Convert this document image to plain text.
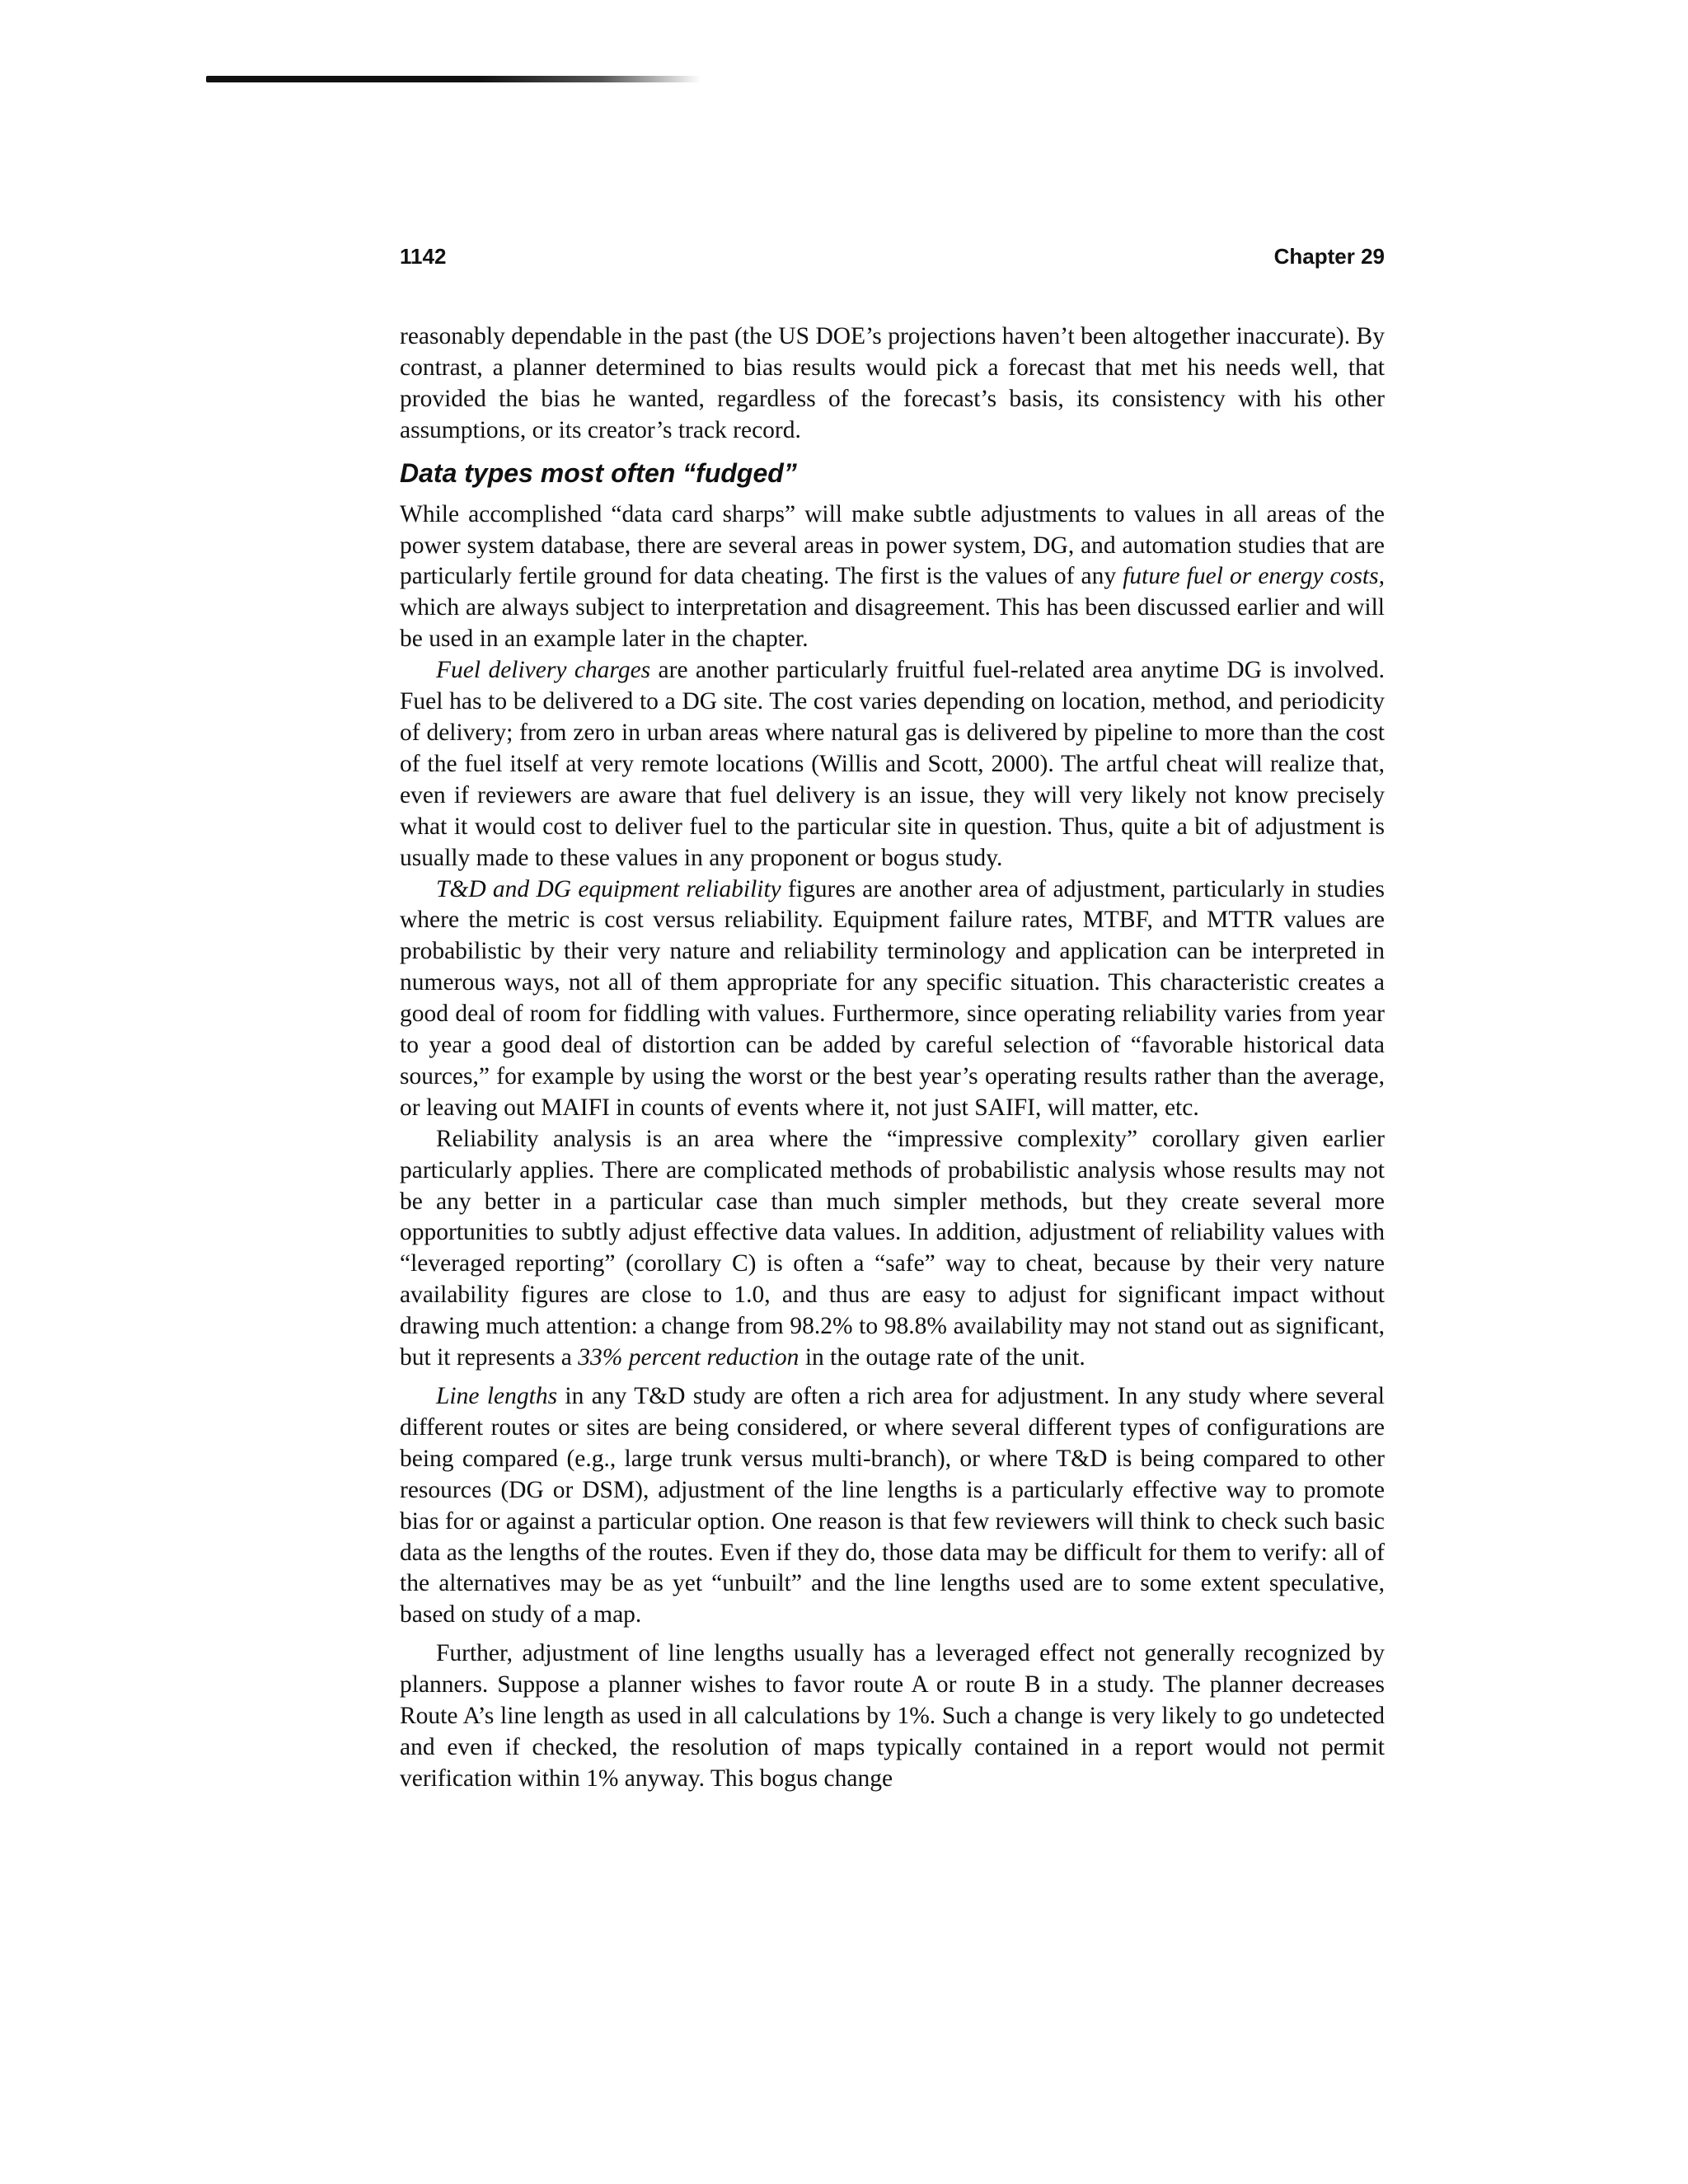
1142	Chapter 29

reasonably dependable in the past (the US DOE’s projections haven’t been altogether inaccurate). By contrast, a planner determined to bias results would pick a forecast that met his needs well, that provided the bias he wanted, regardless of the forecast’s basis, its consistency with his other assumptions, or its creator’s track record.

Data types most often “fudged”

While accomplished “data card sharps” will make subtle adjustments to values in all areas of the power system database, there are several areas in power system, DG, and automation studies that are particularly fertile ground for data cheating. The first is the values of any future fuel or energy costs, which are always subject to interpretation and disagreement. This has been discussed earlier and will be used in an example later in the chapter.

Fuel delivery charges are another particularly fruitful fuel-related area anytime DG is involved. Fuel has to be delivered to a DG site. The cost varies depending on location, method, and periodicity of delivery; from zero in urban areas where natural gas is delivered by pipeline to more than the cost of the fuel itself at very remote locations (Willis and Scott, 2000). The artful cheat will realize that, even if reviewers are aware that fuel delivery is an issue, they will very likely not know precisely what it would cost to deliver fuel to the particular site in question. Thus, quite a bit of adjustment is usually made to these values in any proponent or bogus study.

T&D and DG equipment reliability figures are another area of adjustment, particularly in studies where the metric is cost versus reliability. Equipment failure rates, MTBF, and MTTR values are probabilistic by their very nature and reliability terminology and application can be interpreted in numerous ways, not all of them appropriate for any specific situation. This characteristic creates a good deal of room for fiddling with values. Furthermore, since operating reliability varies from year to year a good deal of distortion can be added by careful selection of “favorable historical data sources,” for example by using the worst or the best year’s operating results rather than the average, or leaving out MAIFI in counts of events where it, not just SAIFI, will matter, etc.

Reliability analysis is an area where the “impressive complexity” corollary given earlier particularly applies. There are complicated methods of probabilistic analysis whose results may not be any better in a particular case than much simpler methods, but they create several more opportunities to subtly adjust effective data values. In addition, adjustment of reliability values with “leveraged reporting” (corollary C) is often a “safe” way to cheat, because by their very nature availability figures are close to 1.0, and thus are easy to adjust for significant impact without drawing much attention: a change from 98.2% to 98.8% availability may not stand out as significant, but it represents a 33% percent reduction in the outage rate of the unit.

Line lengths in any T&D study are often a rich area for adjustment. In any study where several different routes or sites are being considered, or where several different types of configurations are being compared (e.g., large trunk versus multi-branch), or where T&D is being compared to other resources (DG or DSM), adjustment of the line lengths is a particularly effective way to promote bias for or against a particular option. One reason is that few reviewers will think to check such basic data as the lengths of the routes. Even if they do, those data may be difficult for them to verify: all of the alternatives may be as yet “unbuilt” and the line lengths used are to some extent speculative, based on study of a map.

Further, adjustment of line lengths usually has a leveraged effect not generally recognized by planners. Suppose a planner wishes to favor route A or route B in a study. The planner decreases Route A’s line length as used in all calculations by 1%. Such a change is very likely to go undetected and even if checked, the resolution of maps typically contained in a report would not permit verification within 1% anyway. This bogus change
